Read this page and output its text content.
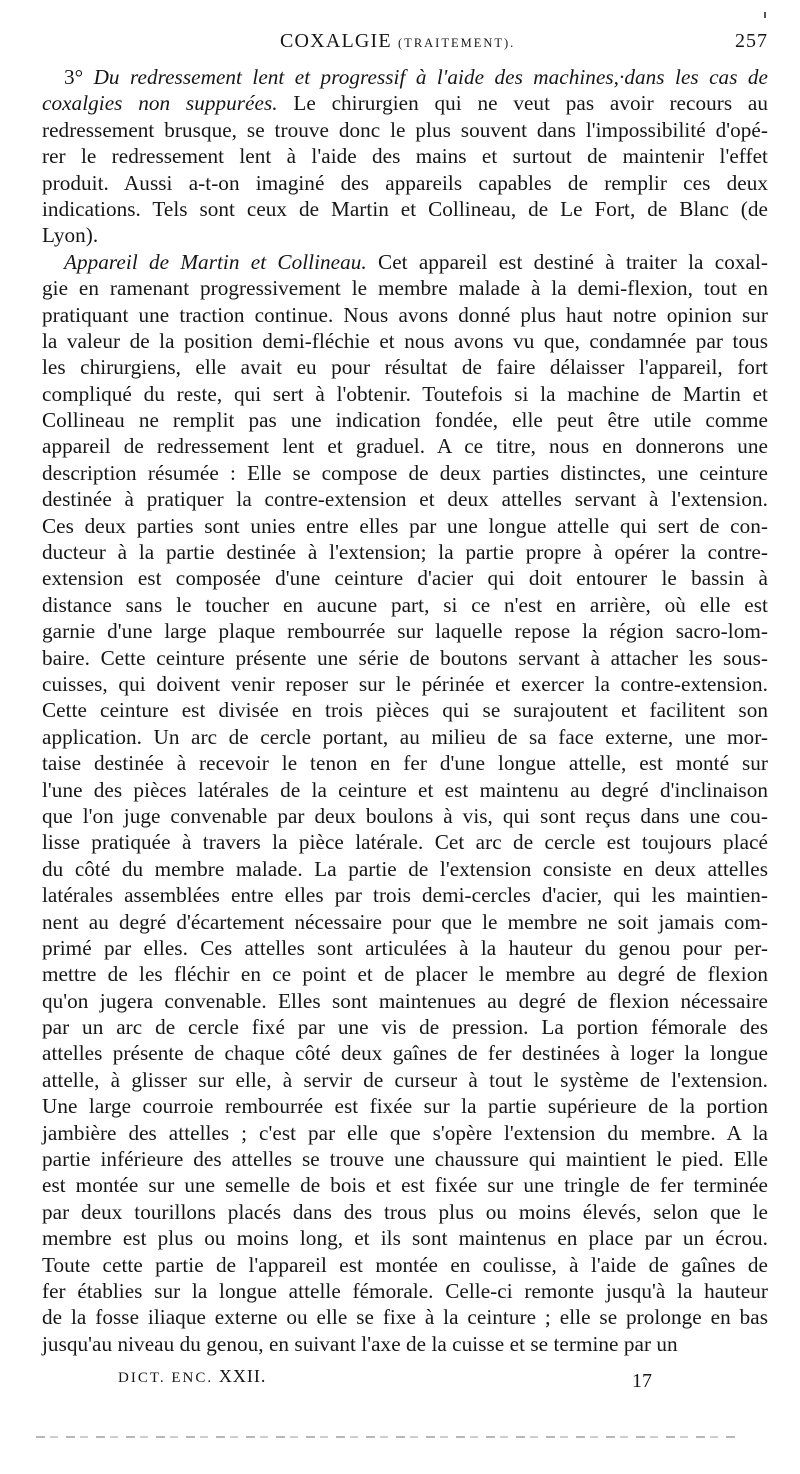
COXALGIE (TRAITEMENT).	257
3° Du redressement lent et progressif à l'aide des machines,·dans les cas de
coxalgies non suppurées. Le chirurgien qui ne veut pas avoir recours au
redressement brusque, se trouve donc le plus souvent dans l'impossibilité d'opé-
rer le redressement lent à l'aide des mains et surtout de maintenir l'effet
produit. Aussi a-t-on imaginé des appareils capables de remplir ces deux
indications. Tels sont ceux de Martin et Collineau, de Le Fort, de Blanc (de
Lyon).
Appareil de Martin et Collineau. Cet appareil est destiné à traiter la coxal-
gie en ramenant progressivement le membre malade à la demi-flexion, tout en
pratiquant une traction continue. Nous avons donné plus haut notre opinion sur
la valeur de la position demi-fléchie et nous avons vu que, condamnée par tous
les chirurgiens, elle avait eu pour résultat de faire délaisser l'appareil, fort
compliqué du reste, qui sert à l'obtenir. Toutefois si la machine de Martin et
Collineau ne remplit pas une indication fondée, elle peut être utile comme
appareil de redressement lent et graduel. A ce titre, nous en donnerons une
description résumée : Elle se compose de deux parties distinctes, une ceinture
destinée à pratiquer la contre-extension et deux attelles servant à l'extension.
Ces deux parties sont unies entre elles par une longue attelle qui sert de con-
ducteur à la partie destinée à l'extension; la partie propre à opérer la contre-
extension est composée d'une ceinture d'acier qui doit entourer le bassin à
distance sans le toucher en aucune part, si ce n'est en arrière, où elle est
garnie d'une large plaque rembourrée sur laquelle repose la région sacro-lom-
baire. Cette ceinture présente une série de boutons servant à attacher les sous-
cuisses, qui doivent venir reposer sur le périnée et exercer la contre-extension.
Cette ceinture est divisée en trois pièces qui se surajoutent et facilitent son
application. Un arc de cercle portant, au milieu de sa face externe, une mor-
taise destinée à recevoir le tenon en fer d'une longue attelle, est monté sur
l'une des pièces latérales de la ceinture et est maintenu au degré d'inclinaison
que l'on juge convenable par deux boulons à vis, qui sont reçus dans une cou-
lisse pratiquée à travers la pièce latérale. Cet arc de cercle est toujours placé
du côté du membre malade. La partie de l'extension consiste en deux attelles
latérales assemblées entre elles par trois demi-cercles d'acier, qui les maintien-
nent au degré d'écartement nécessaire pour que le membre ne soit jamais com-
primé par elles. Ces attelles sont articulées à la hauteur du genou pour per-
mettre de les fléchir en ce point et de placer le membre au degré de flexion
qu'on jugera convenable. Elles sont maintenues au degré de flexion nécessaire
par un arc de cercle fixé par une vis de pression. La portion fémorale des
attelles présente de chaque côté deux gaînes de fer destinées à loger la longue
attelle, à glisser sur elle, à servir de curseur à tout le système de l'extension.
Une large courroie rembourrée est fixée sur la partie supérieure de la portion
jambière des attelles ; c'est par elle que s'opère l'extension du membre. A la
partie inférieure des attelles se trouve une chaussure qui maintient le pied. Elle
est montée sur une semelle de bois et est fixée sur une tringle de fer terminée
par deux tourillons placés dans des trous plus ou moins élevés, selon que le
membre est plus ou moins long, et ils sont maintenus en place par un écrou.
Toute cette partie de l'appareil est montée en coulisse, à l'aide de gaînes de
fer établies sur la longue attelle fémorale. Celle-ci remonte jusqu'à la hauteur
de la fosse iliaque externe ou elle se fixe à la ceinture ; elle se prolonge en bas
jusqu'au niveau du genou, en suivant l'axe de la cuisse et se termine par un
DICT. ENC. XXII.	17
